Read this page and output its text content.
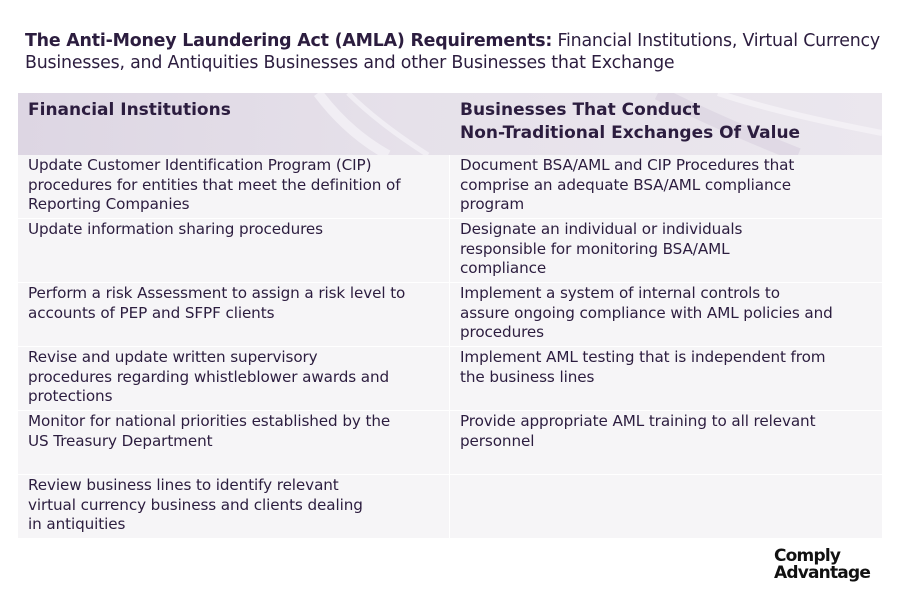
The Anti-Money Laundering Act (AMLA) Requirements: Financial Institutions, Virtual Currency Businesses, and Antiquities Businesses and other Businesses that Exchange
Financial Institutions	Businesses That Conduct
Non-Traditional Exchanges Of Value
Update Customer Identification Program (CIP)
procedures for entities that meet the definition of
Reporting Companies
Document BSA/AML and CIP Procedures that
comprise an adequate BSA/AML compliance
program
Update information sharing procedures	Designate an individual or individuals
responsible for monitoring BSA/AML
compliance
Perform a risk Assessment to assign a risk level to
accounts of PEP and SFPF clients
Implement a system of internal controls to
assure ongoing compliance with AML policies and
procedures
Revise and update written supervisory
procedures regarding whistleblower awards and
protections
Implement AML testing that is independent from
the business lines
Monitor for national priorities established by the
US Treasury Department
Provide appropriate AML training to all relevant
personnel
Review business lines to identify relevant
virtual currency business and clients dealing
in antiquities
Comply
Advantage
